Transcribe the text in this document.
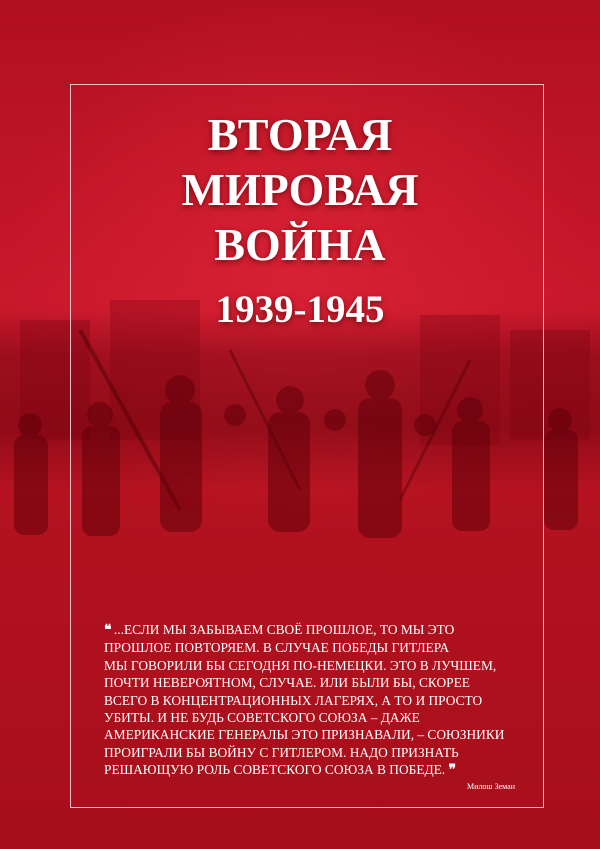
ВТОРАЯ
МИРОВАЯ
ВОЙНА
1939-1945
❝ ...ЕСЛИ МЫ ЗАБЫВАЕМ СВОЁ ПРОШЛОЕ, ТО МЫ ЭТО
ПРОШЛОЕ ПОВТОРЯЕМ. В СЛУЧАЕ ПОБЕДЫ ГИТЛЕРА
МЫ ГОВОРИЛИ БЫ СЕГОДНЯ ПО-НЕМЕЦКИ. ЭТО В ЛУЧШЕМ,
ПОЧТИ НЕВЕРОЯТНОМ, СЛУЧАЕ. ИЛИ БЫЛИ БЫ, СКОРЕЕ
ВСЕГО В КОНЦЕНТРАЦИОННЫХ ЛАГЕРЯХ, А ТО И ПРОСТО
УБИТЫ. И НЕ БУДЬ СОВЕТСКОГО СОЮЗА – ДАЖЕ
АМЕРИКАНСКИЕ ГЕНЕРАЛЫ ЭТО ПРИЗНАВАЛИ, – СОЮЗНИКИ
ПРОИГРАЛИ БЫ ВОЙНУ С ГИТЛЕРОМ. НАДО ПРИЗНАТЬ
РЕШАЮЩУЮ РОЛЬ СОВЕТСКОГО СОЮЗА В ПОБЕДЕ. ❞
Милош Земан
